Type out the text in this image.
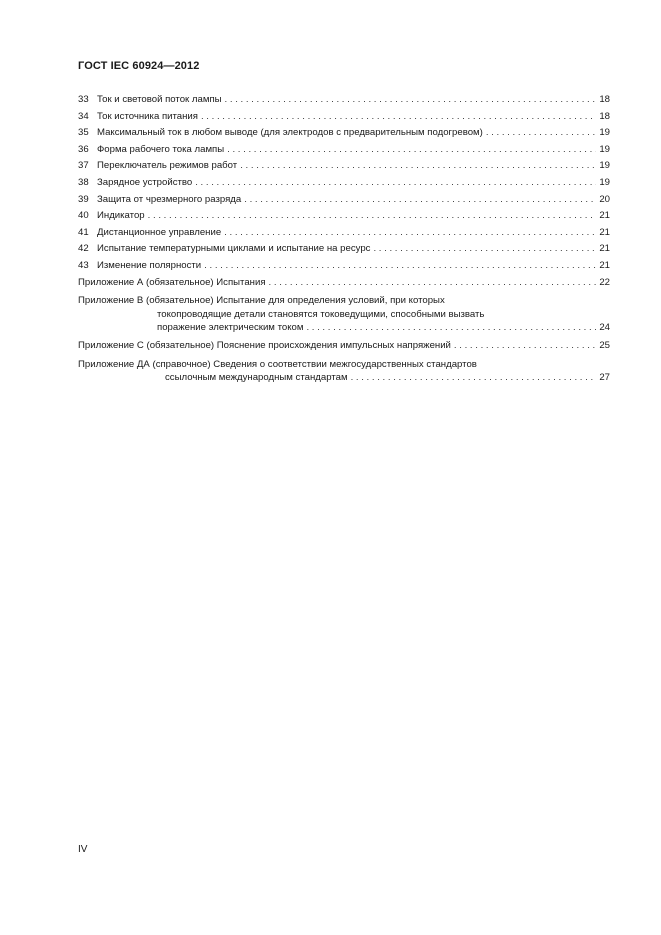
ГОСТ IEC 60924—2012
33 Ток и световой поток лампы . . .	18
34 Ток источника питания . . .	18
35 Максимальный ток в любом выводе (для электродов с предварительным подогревом) . . .	19
36 Форма рабочего тока лампы . . .	19
37 Переключатель режимов работ . . .	19
38 Зарядное устройство . . .	19
39 Защита от чрезмерного разряда . . .	20
40 Индикатор . . .	21
41 Дистанционное управление . . .	21
42 Испытание температурными циклами и испытание на ресурс . . .	21
43 Изменение полярности . . .	21
Приложение А (обязательное) Испытания . . .	22
Приложение В (обязательное) Испытание для определения условий, при которых
токопроводящие детали становятся токоведущими, способными вызвать
поражение электрическим током . . .	24
Приложение С (обязательное) Пояснение происхождения импульсных напряжений . . .	25
Приложение ДА (справочное) Сведения о соответствии межгосударственных стандартов
ссылочным международным стандартам . . .	27
IV
